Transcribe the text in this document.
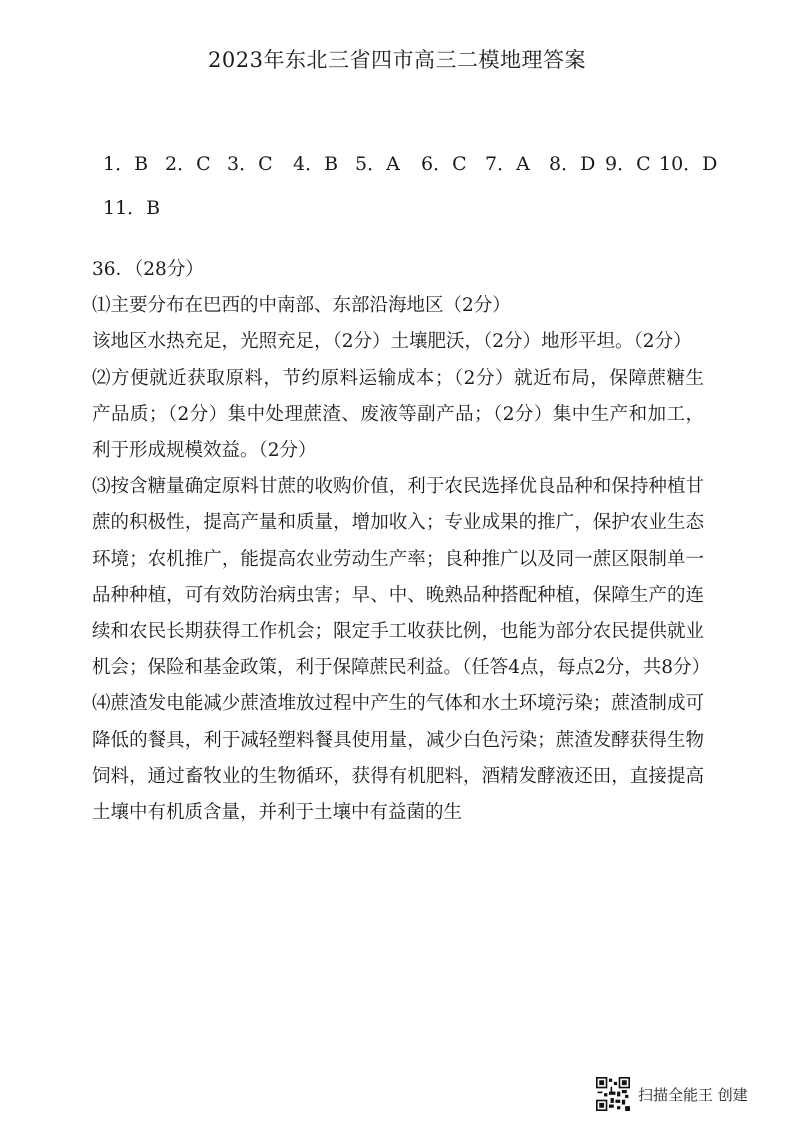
2023年东北三省四市高三二模地理答案
1．B 2．C 3．C	4．B 5．A	6．C 7．A	8．D 9．C 10．D
11．B

36．（28分）

⑴主要分布在巴西的中南部、东部沿海地区（2分）

该地区水热充足，光照充足，（2分）土壤肥沃，（2分）地形平坦。（2分）

⑵方便就近获取原料，节约原料运输成本；（2分）就近布局，保障蔗糖生产品质；（2分）集中处理蔗渣、废液等副产品；（2分）集中生产和加工，利于形成规模效益。（2分）

⑶按含糖量确定原料甘蔗的收购价值，利于农民选择优良品种和保持种植甘蔗的积极性，提高产量和质量，增加收入；专业成果的推广，保护农业生态环境；农机推广，能提高农业劳动生产率；良种推广以及同一蔗区限制单一品种种植，可有效防治病虫害；早、中、晚熟品种搭配种植，保障生产的连续和农民长期获得工作机会；限定手工收获比例，也能为部分农民提供就业机会；保险和基金政策，利于保障蔗民利益。（任答4点，每点2分，共8分）

⑷蔗渣发电能减少蔗渣堆放过程中产生的气体和水土环境污染；蔗渣制成可降低的餐具，利于减轻塑料餐具使用量，减少白色污染；蔗渣发酵获得生物饲料，通过畜牧业的生物循环，获得有机肥料，酒精发酵液还田，直接提高土壤中有机质含量，并利于土壤中有益菌的生

扫描全能王 创建
